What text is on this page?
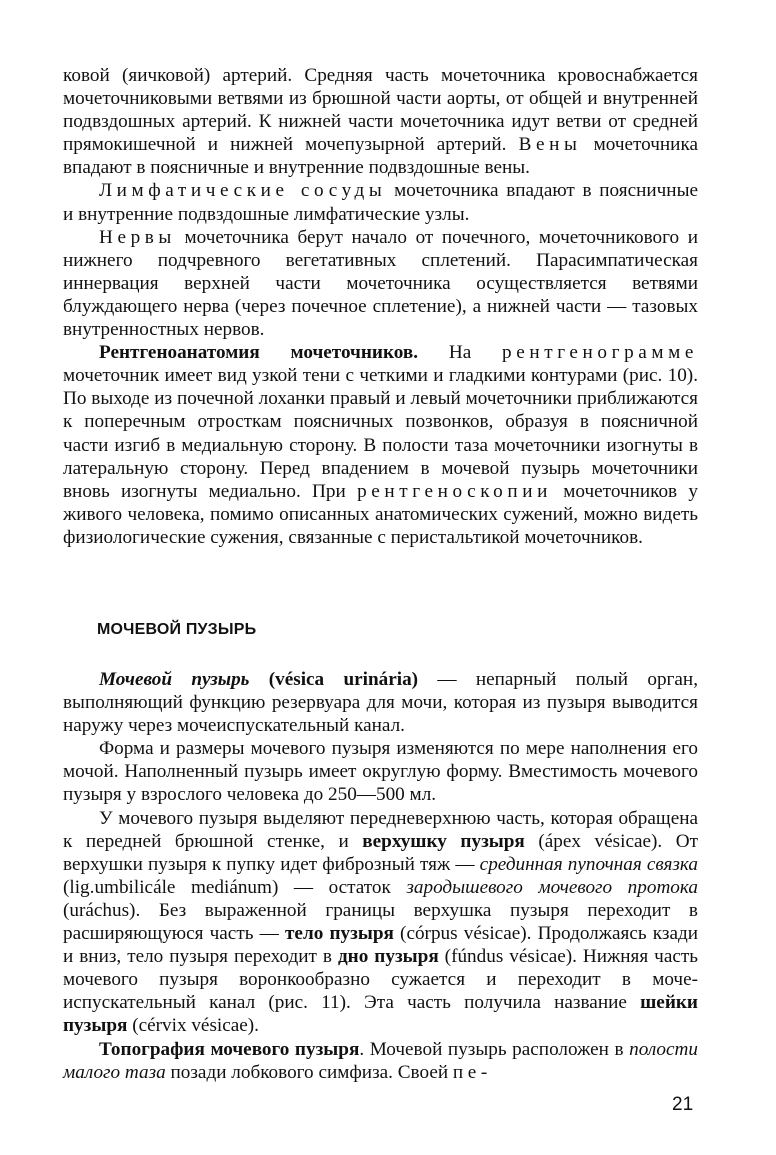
ковой (яичковой) артерий. Средняя часть мочеточника кровоснабжается мочеточниковыми ветвями из брюшной части аорты, от общей и внутренней подвздошных артерий. К нижней части мочеточника идут ветви от средней прямокишечной и нижней мочепузырной артерий. Вены мочеточника впадают в поясничные и внутренние подвздошные вены.

Лимфатические сосуды мочеточника впадают в поясничные и внутренние подвздошные лимфатические узлы.

Нервы мочеточника берут начало от почечного, мочеточникового и нижнего подчревного вегетативных сплетений. Парасимпатическая иннервация верхней части мочеточника осуществляется ветвями блуждающего нерва (через почечное сплетение), а нижней части — тазовых внутренностных нервов.

Рентгеноанатомия мочеточников. На рентгенограмме мочеточник имеет вид узкой тени с четкими и гладкими контурами (рис. 10). По выходе из почечной лоханки правый и левый мочеточники приближаются к поперечным отросткам поясничных позвонков, образуя в поясничной части изгиб в медиальную сторону. В полости таза мочеточники изогнуты в латеральную сторону. Перед впадением в мочевой пузырь мочеточники вновь изогнуты медиально. При рентгеноскопии мочеточников у живого человека, помимо описанных анатомических сужений, можно видеть физиологические сужения, связанные с перистальтикой мочеточников.

МОЧЕВОЙ ПУЗЫРЬ

Мочевой пузырь (vésica urinária) — непарный полый орган, выполняющий функцию резервуара для мочи, которая из пузыря выводится наружу через мочеиспускательный канал.

Форма и размеры мочевого пузыря изменяются по мере наполнения его мочой. Наполненный пузырь имеет округлую форму. Вместимость мочевого пузыря у взрослого человека до 250—500 мл.

У мочевого пузыря выделяют передневерхнюю часть, которая обращена к передней брюшной стенке, и верхушку пузыря (ápex vésicae). От верхушки пузыря к пупку идет фиброзный тяж — срединная пупочная связка (lig.umbilicále mediánum) — остаток зародышевого мочевого протока (uráchus). Без выраженной границы верхушка пузыря переходит в расширяющуюся часть — тело пузыря (córpus vésicae). Продолжаясь кзади и вниз, тело пузыря переходит в дно пузыря (fúndus vésicae). Нижняя часть мочевого пузыря воронкообразно сужается и переходит в мочеиспускательный канал (рис. 11). Эта часть получила название шейки пузыря (cérvix vésicae).

Топография мочевого пузыря. Мочевой пузырь расположен в полости малого таза позади лобкового симфиза. Своей пе-

21
